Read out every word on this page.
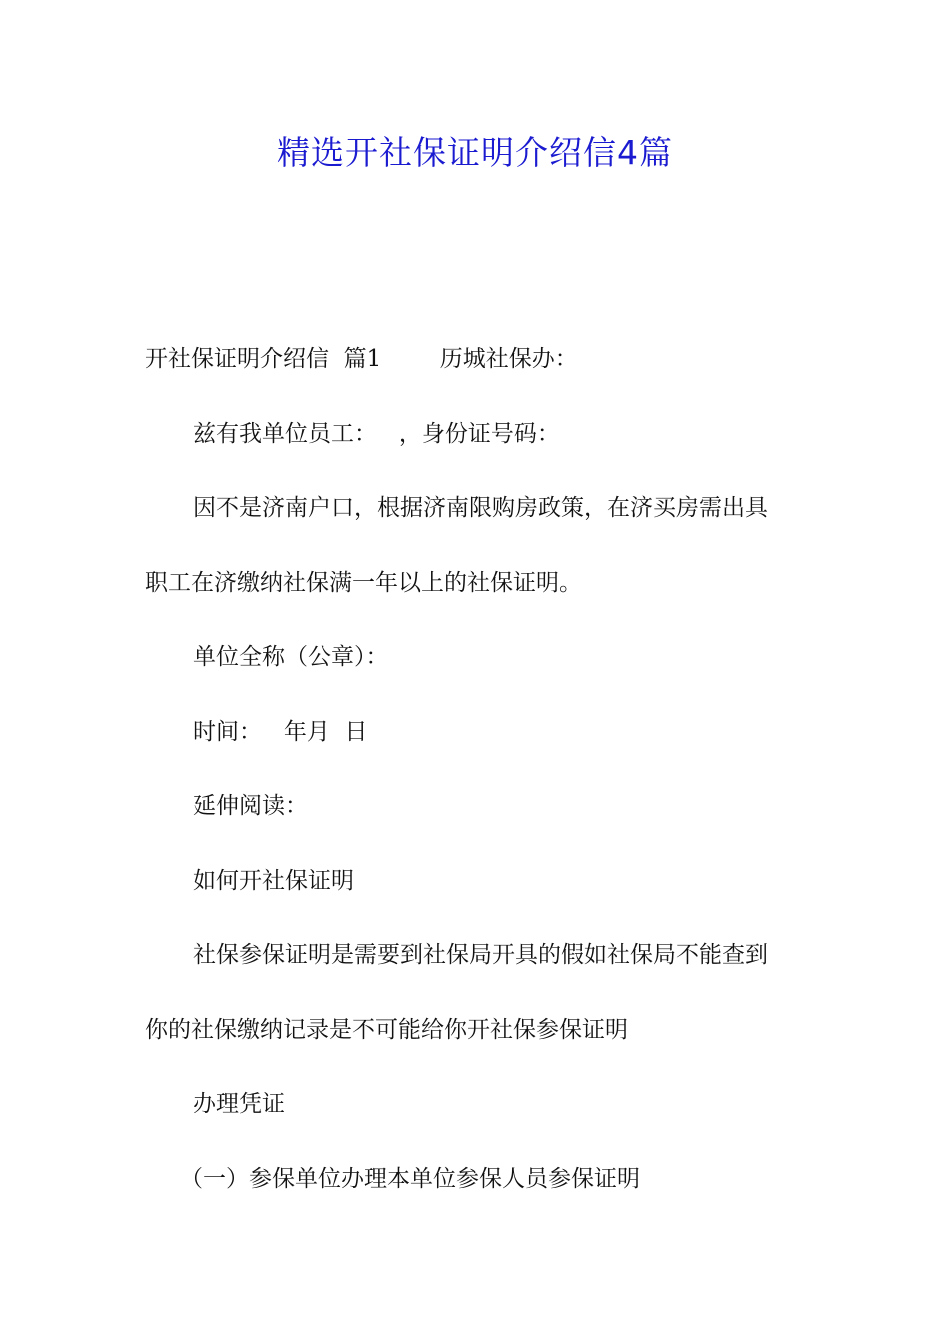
精选开社保证明介绍信4篇
开社保证明介绍信  篇1        历城社保办：
兹有我单位员工：   ，身份证号码：
因不是济南户口，根据济南限购房政策，在济买房需出具
职工在济缴纳社保满一年以上的社保证明。
单位全称（公章）：
时间：   年月  日
延伸阅读：
如何开社保证明
社保参保证明是需要到社保局开具的假如社保局不能查到
你的社保缴纳记录是不可能给你开社保参保证明
办理凭证
（一）参保单位办理本单位参保人员参保证明
